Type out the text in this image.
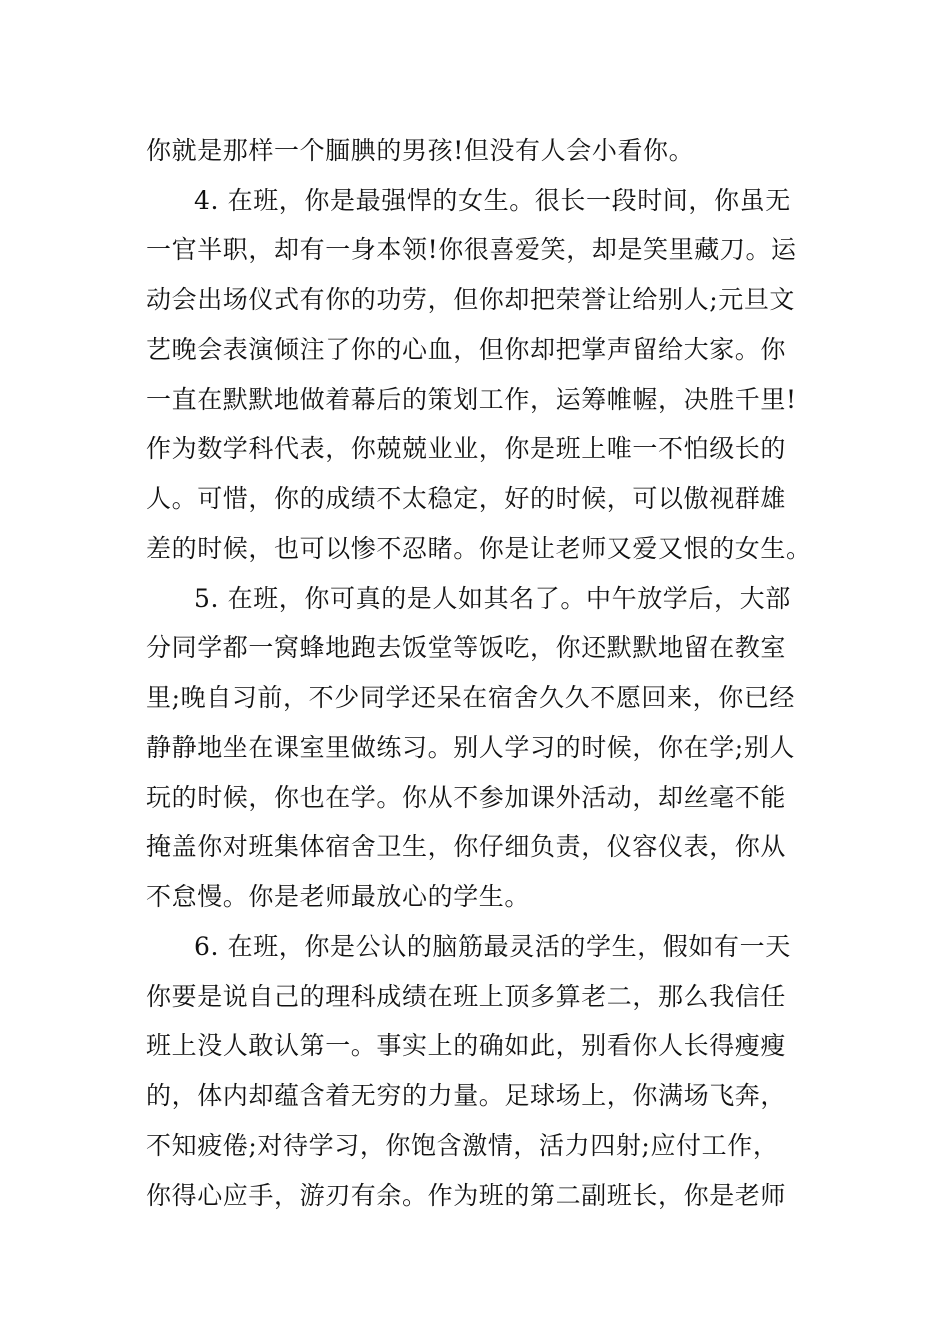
你就是那样一个腼腆的男孩!但没有人会小看你。
4. 在班，你是最强悍的女生。很长一段时间，你虽无
一官半职，却有一身本领!你很喜爱笑，却是笑里藏刀。运
动会出场仪式有你的功劳，但你却把荣誉让给别人;元旦文
艺晚会表演倾注了你的心血，但你却把掌声留给大家。你
一直在默默地做着幕后的策划工作，运筹帷幄，决胜千里!
作为数学科代表，你兢兢业业，你是班上唯一不怕级长的
人。可惜，你的成绩不太稳定，好的时候，可以傲视群雄
差的时候，也可以惨不忍睹。你是让老师又爱又恨的女生。
5. 在班，你可真的是人如其名了。中午放学后，大部
分同学都一窝蜂地跑去饭堂等饭吃，你还默默地留在教室
里;晚自习前，不少同学还呆在宿舍久久不愿回来，你已经
静静地坐在课室里做练习。别人学习的时候，你在学;别人
玩的时候，你也在学。你从不参加课外活动，却丝毫不能
掩盖你对班集体宿舍卫生，你仔细负责，仪容仪表，你从
不怠慢。你是老师最放心的学生。
6. 在班，你是公认的脑筋最灵活的学生，假如有一天
你要是说自己的理科成绩在班上顶多算老二，那么我信任
班上没人敢认第一。事实上的确如此，别看你人长得瘦瘦
的，体内却蕴含着无穷的力量。足球场上，你满场飞奔，
不知疲倦;对待学习，你饱含激情，活力四射;应付工作，
你得心应手，游刃有余。作为班的第二副班长，你是老师
